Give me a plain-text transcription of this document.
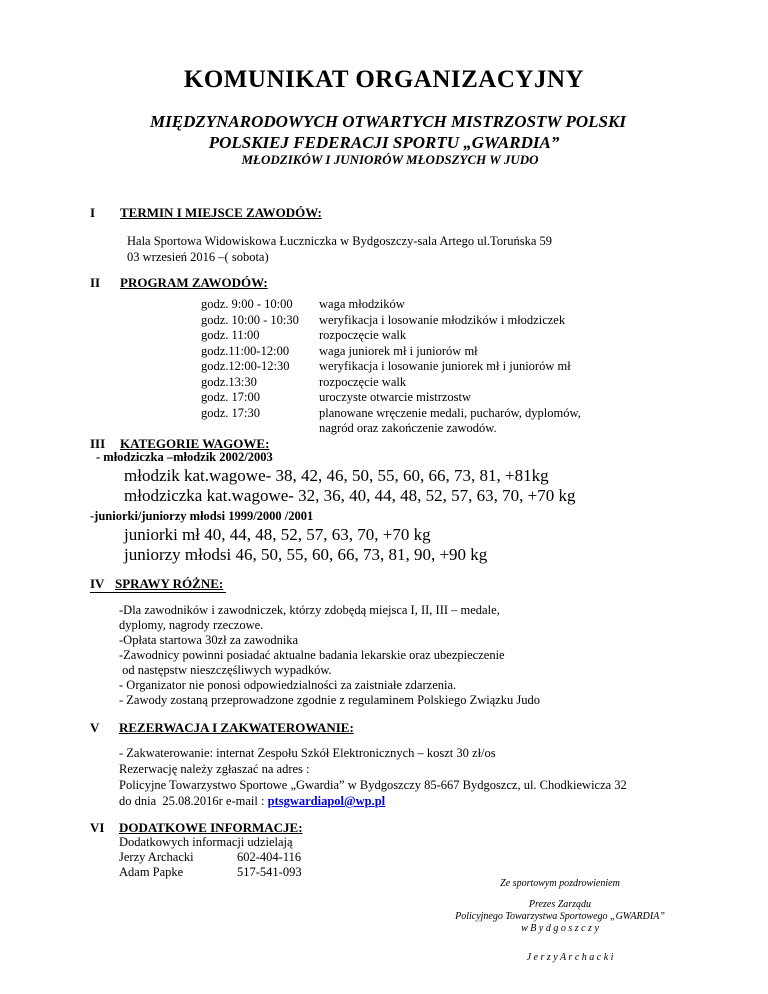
KOMUNIKAT ORGANIZACYJNY
MIĘDZYNARODOWYCH OTWARTYCH MISTRZOSTW POLSKI
POLSKIEJ FEDERACJI SPORTU „GWARDIA”
MŁODZIKÓW I JUNIORÓW MŁODSZYCH W JUDO
I TERMIN I MIEJSCE ZAWODÓW:
Hala Sportowa Widowiskowa Łuczniczka w Bydgoszczy-sala Artego ul.Toruńska 59
03 wrzesień 2016 –( sobota)
II PROGRAM ZAWODÓW:
godz. 9:00 - 10:00	waga młodzików
godz. 10:00 - 10:30	weryfikacja i losowanie młodzików i młodziczek
godz. 11:00	rozpoczęcie walk
godz.11:00-12:00	waga juniorek mł i juniorów mł
godz.12:00-12:30	weryfikacja i losowanie juniorek mł i juniorów mł
godz.13:30	rozpoczęcie walk
godz. 17:00	uroczyste otwarcie mistrzostw
godz. 17:30	planowane wręczenie medali, pucharów, dyplomów,
	nagród oraz zakończenie zawodów.
III KATEGORIE WAGOWE:
- młodziczka –młodzik 2002/2003
młodzik kat.wagowe- 38, 42, 46, 50, 55, 60, 66, 73, 81, +81kg
młodziczka kat.wagowe- 32, 36, 40, 44, 48, 52, 57, 63, 70, +70 kg
-juniorki/juniorzy młodsi 1999/2000 /2001
juniorki mł 40, 44, 48, 52, 57, 63, 70, +70 kg
juniorzy młodsi 46, 50, 55, 60, 66, 73, 81, 90, +90 kg
IV SPRAWY RÓŻNE:
-Dla zawodników i zawodniczek, którzy zdobędą miejsca I, II, III – medale,
dyplomy, nagrody rzeczowe.
-Opłata startowa 30zł za zawodnika
-Zawodnicy powinni posiadać aktualne badania lekarskie oraz ubezpieczenie
od następstw nieszczęśliwych wypadków.
- Organizator nie ponosi odpowiedzialności za zaistniałe zdarzenia.
- Zawody zostaną przeprowadzone zgodnie z regulaminem Polskiego Związku Judo
V REZERWACJA I ZAKWATEROWANIE:
- Zakwaterowanie: internat Zespołu Szkół Elektronicznych – koszt 30 zł/os
Rezerwację należy zgłaszać na adres :
Policyjne Towarzystwo Sportowe „Gwardia” w Bydgoszczy 85-667 Bydgoszcz, ul. Chodkiewicza 32
do dnia  25.08.2016r e-mail : ptsgwardiapol@wp.pl
VI DODATKOWE INFORMACJE:
Dodatkowych informacji udzielają
Jerzy Archacki	602-404-116
Adam Papke	517-541-093
Ze sportowym pozdrowieniem
Prezes Zarządu
Policyjnego Towarzystwa Sportowego „GWARDIA”
w B y d g o s z c z y
J e r z y A r c h a c k i
